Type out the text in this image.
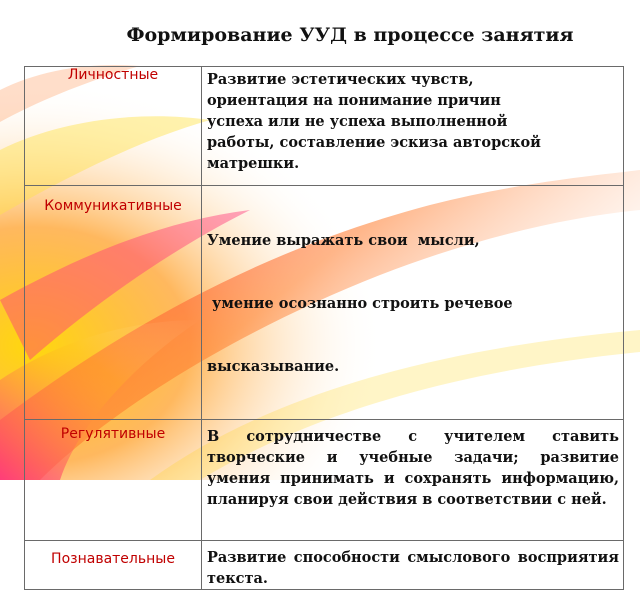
Формирование УУД в процессе занятия
Личностные	Развитие эстетических чувств,
ориентация на понимание причин
успеха или не успеха выполненной
работы, составление эскиза авторской
матрешки.

Коммуникативные	Умение выражать свои  мысли,

умение осознанно строить речевое

высказывание.

Регулятивные	В сотрудничестве с учителем ставить творческие и учебные задачи; развитие умения принимать и сохранять информацию, планируя свои действия в соответствии с ней.

Познавательные	Развитие способности смыслового восприятия текста.
